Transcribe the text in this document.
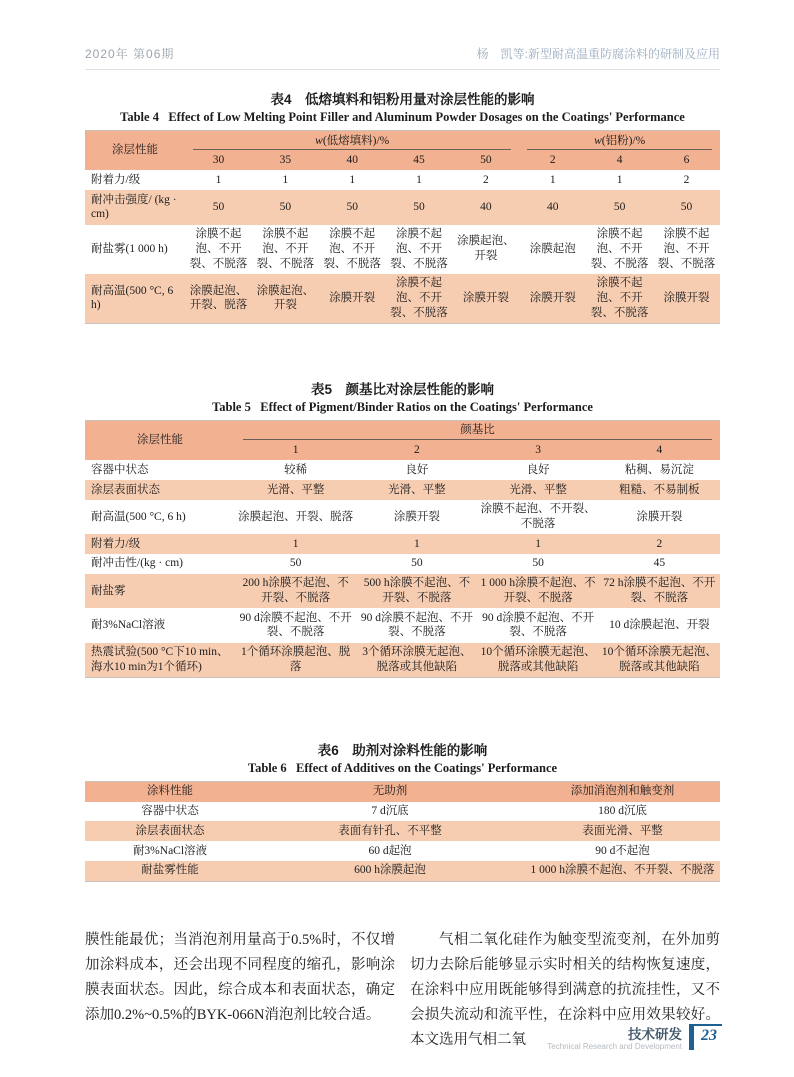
2020年 第06期	杨　凯等:新型耐高温重防腐涂料的研制及应用
表4　低熔填料和铝粉用量对涂层性能的影响
Table 4   Effect of Low Melting Point Filler and Aluminum Powder Dosages on the Coatings' Performance
涂层性能	w(低熔填料)/%					w(铝粉)/%		
	30	35	40	45	50	2	4	6
附着力/级	1	1	1	1	2	1	1	2
耐冲击强度/ (kg · cm)	50	50	50	50	40	40	50	50
耐盐雾(1 000 h)	涂膜不起泡、不开裂、不脱落	涂膜不起泡、不开裂、不脱落	涂膜不起泡、不开裂、不脱落	涂膜不起泡、不开裂、不脱落	涂膜起泡、开裂	涂膜起泡	涂膜不起泡、不开裂、不脱落	涂膜不起泡、不开裂、不脱落
耐高温(500 °C, 6 h)	涂膜起泡、开裂、脱落	涂膜起泡、开裂	涂膜开裂	涂膜不起泡、不开裂、不脱落	涂膜开裂	涂膜开裂	涂膜不起泡、不开裂、不脱落	涂膜开裂
表5　颜基比对涂层性能的影响
Table 5   Effect of Pigment/Binder Ratios on the Coatings' Performance
涂层性能	颜基比			
	1	2	3	4
容器中状态	较稀	良好	良好	粘稠、易沉淀
涂层表面状态	光滑、平整	光滑、平整	光滑、平整	粗糙、不易制板
耐高温(500 °C, 6 h)	涂膜起泡、开裂、脱落	涂膜开裂	涂膜不起泡、不开裂、不脱落	涂膜开裂
附着力/级	1	1	1	2
耐冲击性/(kg · cm)	50	50	50	45
耐盐雾	200 h涂膜不起泡、不开裂、不脱落	500 h涂膜不起泡、不开裂、不脱落	1 000 h涂膜不起泡、不开裂、不脱落	72 h涂膜不起泡、不开裂、不脱落
耐3%NaCl溶液	90 d涂膜不起泡、不开裂、不脱落	90 d涂膜不起泡、不开裂、不脱落	90 d涂膜不起泡、不开裂、不脱落	10 d涂膜起泡、开裂
热震试验(500 °C下10 min、海水10 min为1个循环)	1个循环涂膜起泡、脱落	3个循环涂膜无起泡、脱落或其他缺陷	10个循环涂膜无起泡、脱落或其他缺陷	10个循环涂膜无起泡、脱落或其他缺陷
表6　助剂对涂料性能的影响
Table 6   Effect of Additives on the Coatings' Performance
涂料性能	无助剂	添加消泡剂和触变剂
容器中状态	7 d沉底	180 d沉底
涂层表面状态	表面有针孔、不平整	表面光滑、平整
耐3%NaCl溶液	60 d起泡	90 d不起泡
耐盐雾性能	600 h涂膜起泡	1 000 h涂膜不起泡、不开裂、不脱落

膜性能最优；当消泡剂用量高于0.5%时，不仅增加涂料成本，还会出现不同程度的缩孔，影响涂膜表面状态。因此，综合成本和表面状态，确定添加0.2%~0.5%的BYK-066N消泡剂比较合适。

气相二氧化硅作为触变型流变剂，在外加剪切力去除后能够显示实时相关的结构恢复速度，在涂料中应用既能够得到满意的抗流挂性，又不会损失流动和流平性，在涂料中应用效果较好。本文选用气相二氧	技术研发
Technical Research and Development
23
